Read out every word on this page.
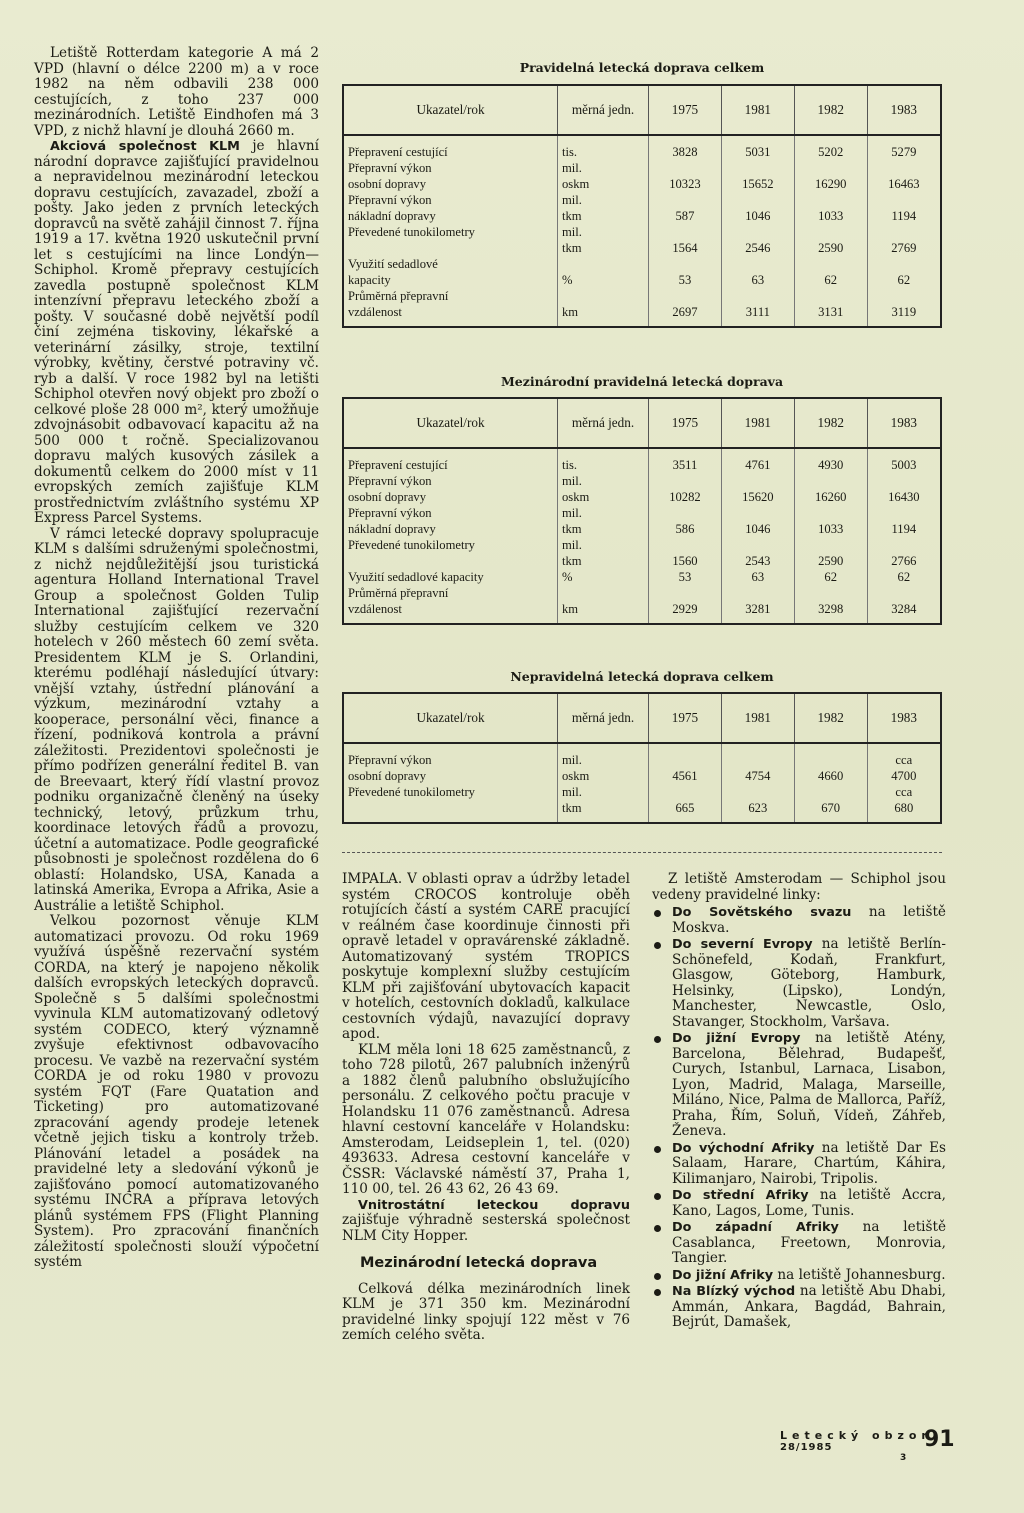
Letiště Rotterdam kategorie A má 2 VPD (hlavní o délce 2200 m) a v roce 1982 na něm odbavili 238 000 cestujících, z toho 237 000 mezinárodních. Letiště Eindhofen má 3 VPD, z nichž hlavní je dlouhá 2660 m.

Akciová společnost KLM je hlavní národní dopravce zajišťující pravidelnou a nepravidelnou mezinárodní leteckou dopravu cestujících, zavazadel, zboží a pošty. Jako jeden z prvních leteckých dopravců na světě zahájil činnost 7. října 1919 a 17. května 1920 uskutečnil první let s cestujícími na lince Londýn—Schiphol. Kromě přepravy cestujících zavedla postupně společnost KLM intenzívní přepravu leteckého zboží a pošty. V současné době největší podíl činí zejména tiskoviny, lékařské a veterinární zásilky, stroje, textilní výrobky, květiny, čerstvé potraviny vč. ryb a další. V roce 1982 byl na letišti Schiphol otevřen nový objekt pro zboží o celkové ploše 28 000 m², který umožňuje zdvojnásobit odbavovací kapacitu až na 500 000 t ročně. Specializovanou dopravu malých kusových zásilek a dokumentů celkem do 2000 míst v 11 evropských zemích zajišťuje KLM prostřednictvím zvláštního systému XP Express Parcel Systems.

V rámci letecké dopravy spolupracuje KLM s dalšími sdruženými společnostmi, z nichž nejdůležitější jsou turistická agentura Holland International Travel Group a společnost Golden Tulip International zajišťující rezervační služby cestujícím celkem ve 320 hotelech v 260 městech 60 zemí světa. Presidentem KLM je S. Orlandini, kterému podléhají následující útvary: vnější vztahy, ústřední plánování a výzkum, mezinárodní vztahy a kooperace, personální věci, finance a řízení, podniková kontrola a právní záležitosti. Prezidentovi společnosti je přímo podřízen generální ředitel B. van de Breevaart, který řídí vlastní provoz podniku organizačně členěný na úseky technický, letový, průzkum trhu, koordinace letových řádů a provozu, účetní a automatizace. Podle geografické působnosti je společnost rozdělena do 6 oblastí: Holandsko, USA, Kanada a latinská Amerika, Evropa a Afrika, Asie a Austrálie a letiště Schiphol.

Velkou pozornost věnuje KLM automatizaci provozu. Od roku 1969 využívá úspěšně rezervační systém CORDA, na který je napojeno několik dalších evropských leteckých dopravců. Společně s 5 dalšími společnostmi vyvinula KLM automatizovaný odletový systém CODECO, který významně zvyšuje efektivnost odbavovacího procesu. Ve vazbě na rezervační systém CORDA je od roku 1980 v provozu systém FQT (Fare Quatation and Ticketing) pro automatizované zpracování agendy prodeje letenek včetně jejich tisku a kontroly tržeb. Plánování letadel a posádek na pravidelné lety a sledování výkonů je zajišťováno pomocí automatizovaného systému INCRA a příprava letových plánů systémem FPS (Flight Planning System). Pro zpracování finančních záležitostí společnosti slouží výpočetní systém

Pravidelná letecká doprava celkem
Ukazatel/rok	měrná jedn.	1975	1981	1982	1983
Přepravení cestující	tis.	3828	5031	5202	5279
Přepravní výkon	mil.				
osobní dopravy	oskm	10323	15652	16290	16463
Přepravní výkon	mil.				
nákladní dopravy	tkm	587	1046	1033	1194
Převedené tunokilometry	mil.				
	tkm	1564	2546	2590	2769
Využití sedadlové					
kapacity	%	53	63	62	62
Průměrná přepravní					
vzdálenost	km	2697	3111	3131	3119
Mezinárodní pravidelná letecká doprava
Ukazatel/rok	měrná jedn.	1975	1981	1982	1983
Přepravení cestující	tis.	3511	4761	4930	5003
Přepravní výkon	mil.				
osobní dopravy	oskm	10282	15620	16260	16430
Přepravní výkon	mil.				
nákladní dopravy	tkm	586	1046	1033	1194
Převedené tunokilometry	mil.				
	tkm	1560	2543	2590	2766
Využití sedadlové kapacity	%	53	63	62	62
Průměrná přepravní					
vzdálenost	km	2929	3281	3298	3284
Nepravidelná letecká doprava celkem
Ukazatel/rok	měrná jedn.	1975	1981	1982	1983
Přepravní výkon	mil.				cca
osobní dopravy	oskm	4561	4754	4660	4700
Převedené tunokilometry	mil.				cca
	tkm	665	623	670	680

IMPALA. V oblasti oprav a údržby letadel systém CROCOS kontroluje oběh rotujících částí a systém CARE pracující v reálném čase koordinuje činnosti při opravě letadel v opravárenské základně. Automatizovaný systém TROPICS poskytuje komplexní služby cestujícím KLM při zajišťování ubytovacích kapacit v hotelích, cestovních dokladů, kalkulace cestovních výdajů, navazující dopravy apod.

KLM měla loni 18 625 zaměstnanců, z toho 728 pilotů, 267 palubních inženýrů a 1882 členů palubního obslužujícího personálu. Z celkového počtu pracuje v Holandsku 11 076 zaměstnanců. Adresa hlavní cestovní kanceláře v Holandsku: Amsterodam, Leidseplein 1, tel. (020) 493633. Adresa cestovní kanceláře v ČSSR: Václavské náměstí 37, Praha 1, 110 00, tel. 26 43 62, 26 43 69.

Vnitrostátní leteckou dopravu zajišťuje výhradně sesterská společnost NLM City Hopper.

Mezinárodní letecká doprava

Celková délka mezinárodních linek KLM je 371 350 km. Mezinárodní pravidelné linky spojují 122 měst v 76 zemích celého světa.

Z letiště Amsterodam — Schiphol jsou vedeny pravidelné linky:

Do Sovětského svazu na letiště Moskva.
Do severní Evropy na letiště Berlín-Schönefeld, Kodaň, Frankfurt, Glasgow, Göteborg, Hamburk, Helsinky, (Lipsko), Londýn, Manchester, Newcastle, Oslo, Stavanger, Stockholm, Varšava.
Do jižní Evropy na letiště Atény, Barcelona, Bělehrad, Budapešť, Curych, Istanbul, Larnaca, Lisabon, Lyon, Madrid, Malaga, Marseille, Miláno, Nice, Palma de Mallorca, Paříž, Praha, Řím, Soluň, Vídeň, Záhřeb, Ženeva.
Do východní Afriky na letiště Dar Es Salaam, Harare, Chartúm, Káhira, Kilimanjaro, Nairobi, Tripolis.
Do střední Afriky na letiště Accra, Kano, Lagos, Lome, Tunis.
Do západní Afriky na letiště Casablanca, Freetown, Monrovia, Tangier.
Do jižní Afriky na letiště Johannesburg.
Na Blízký východ na letiště Abu Dhabi, Ammán, Ankara, Bagdád, Bahrain, Bejrút, Damašek,
Letecký obzor
28/1985	91
3
